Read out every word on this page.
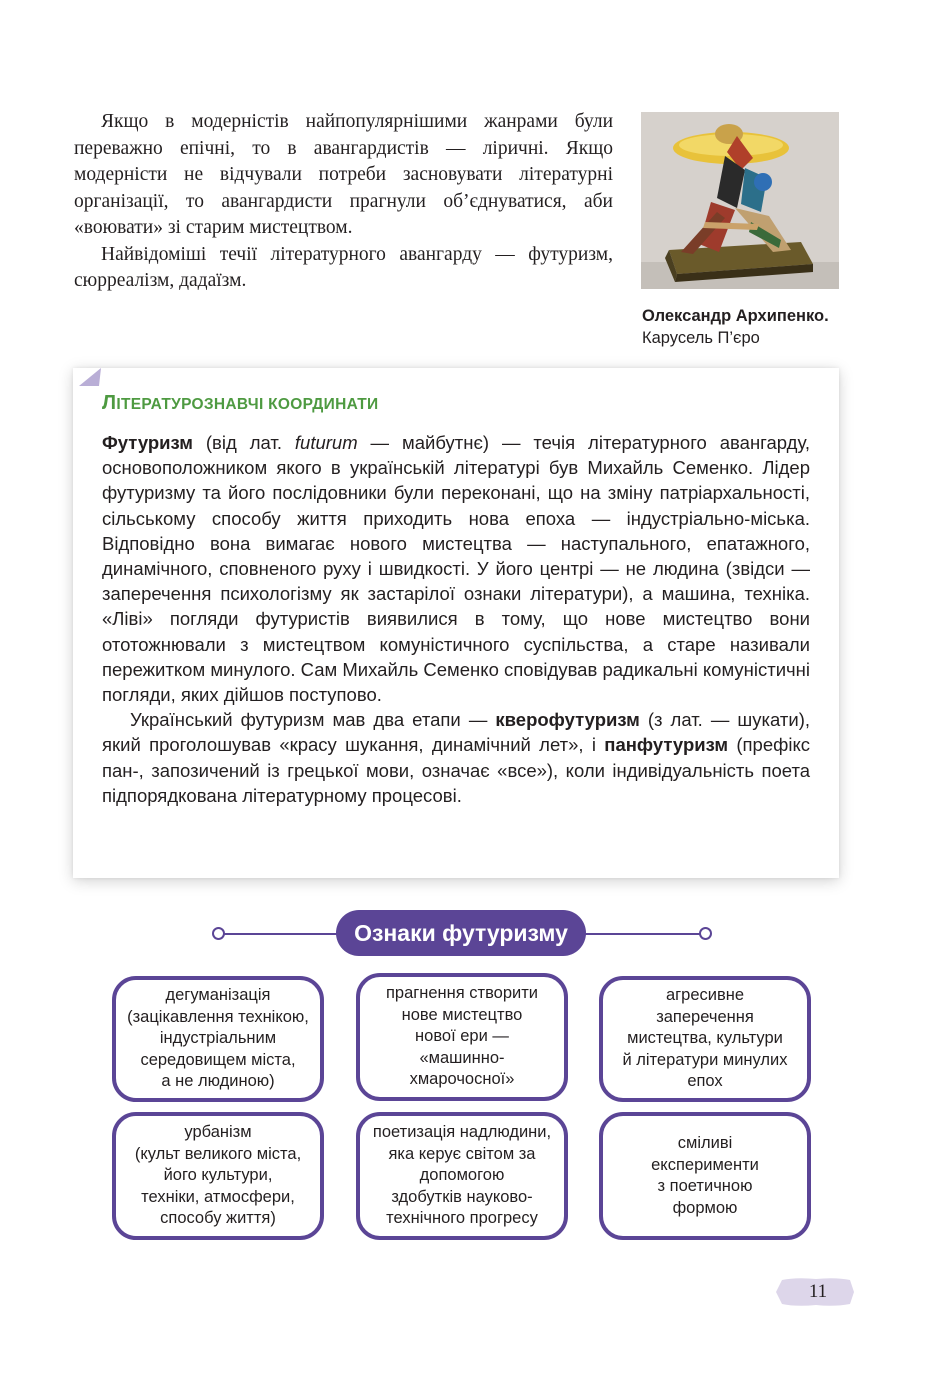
Якщо в модерністів найпопулярнішими жанрами були переважно епічні, то в авангардистів — ліричні. Якщо модерністи не відчували потреби засновувати літературні організації, то авангардисти прагнули об’єднуватися, аби «воювати» зі старим мистецтвом.

Найвідоміші течії літературного авангарду — футуризм, сюрреалізм, дадаїзм.

Олександр Архипенко.
Карусель П’єро
ЛІТЕРАТУРОЗНАВЧІ КООРДИНАТИ

Футуризм (від лат. futurum — майбутнє) — течія літературного авангарду, основоположником якого в українській літературі був Михайль Семенко. Лідер футуризму та його послідовники були переконані, що на зміну патріархальності, сільському способу життя приходить нова епоха — індустріально-міська. Відповідно вона вимагає нового мистецтва — наступального, епатажного, динамічного, сповненого руху і швидкості. У його центрі — не людина (звідси — заперечення психологізму як застарілої ознаки літератури), а машина, техніка. «Ліві» погляди футуристів виявилися в тому, що нове мистецтво вони ототожнювали з мистецтвом комуністичного суспільства, а старе називали пережитком минулого. Сам Михайль Семенко сповідував радикальні комуністичні погляди, яких дійшов поступово.

Український футуризм мав два етапи — кверофутуризм (з лат. — шукати), який проголошував «красу шукання, динамічний лет», і панфутуризм (префікс пан-, запозичений із грецької мови, означає «все»), коли індивідуальність поета підпорядкована літературному процесові.

Ознаки футуризму
дегуманізація
(зацікавлення технікою,
індустріальним
середовищем міста,
а не людиною)
прагнення створити
нове мистецтво
нової ери —
«машинно-
хмарочосної»
агресивне
заперечення
мистецтва, культури
й літератури минулих
епох
урбанізм
(культ великого міста,
його культури,
техніки, атмосфери,
способу життя)
поетизація надлюдини,
яка керує світом за
допомогою
здобутків науково-
технічного прогресу
сміливі
експерименти
з поетичною
формою
11
